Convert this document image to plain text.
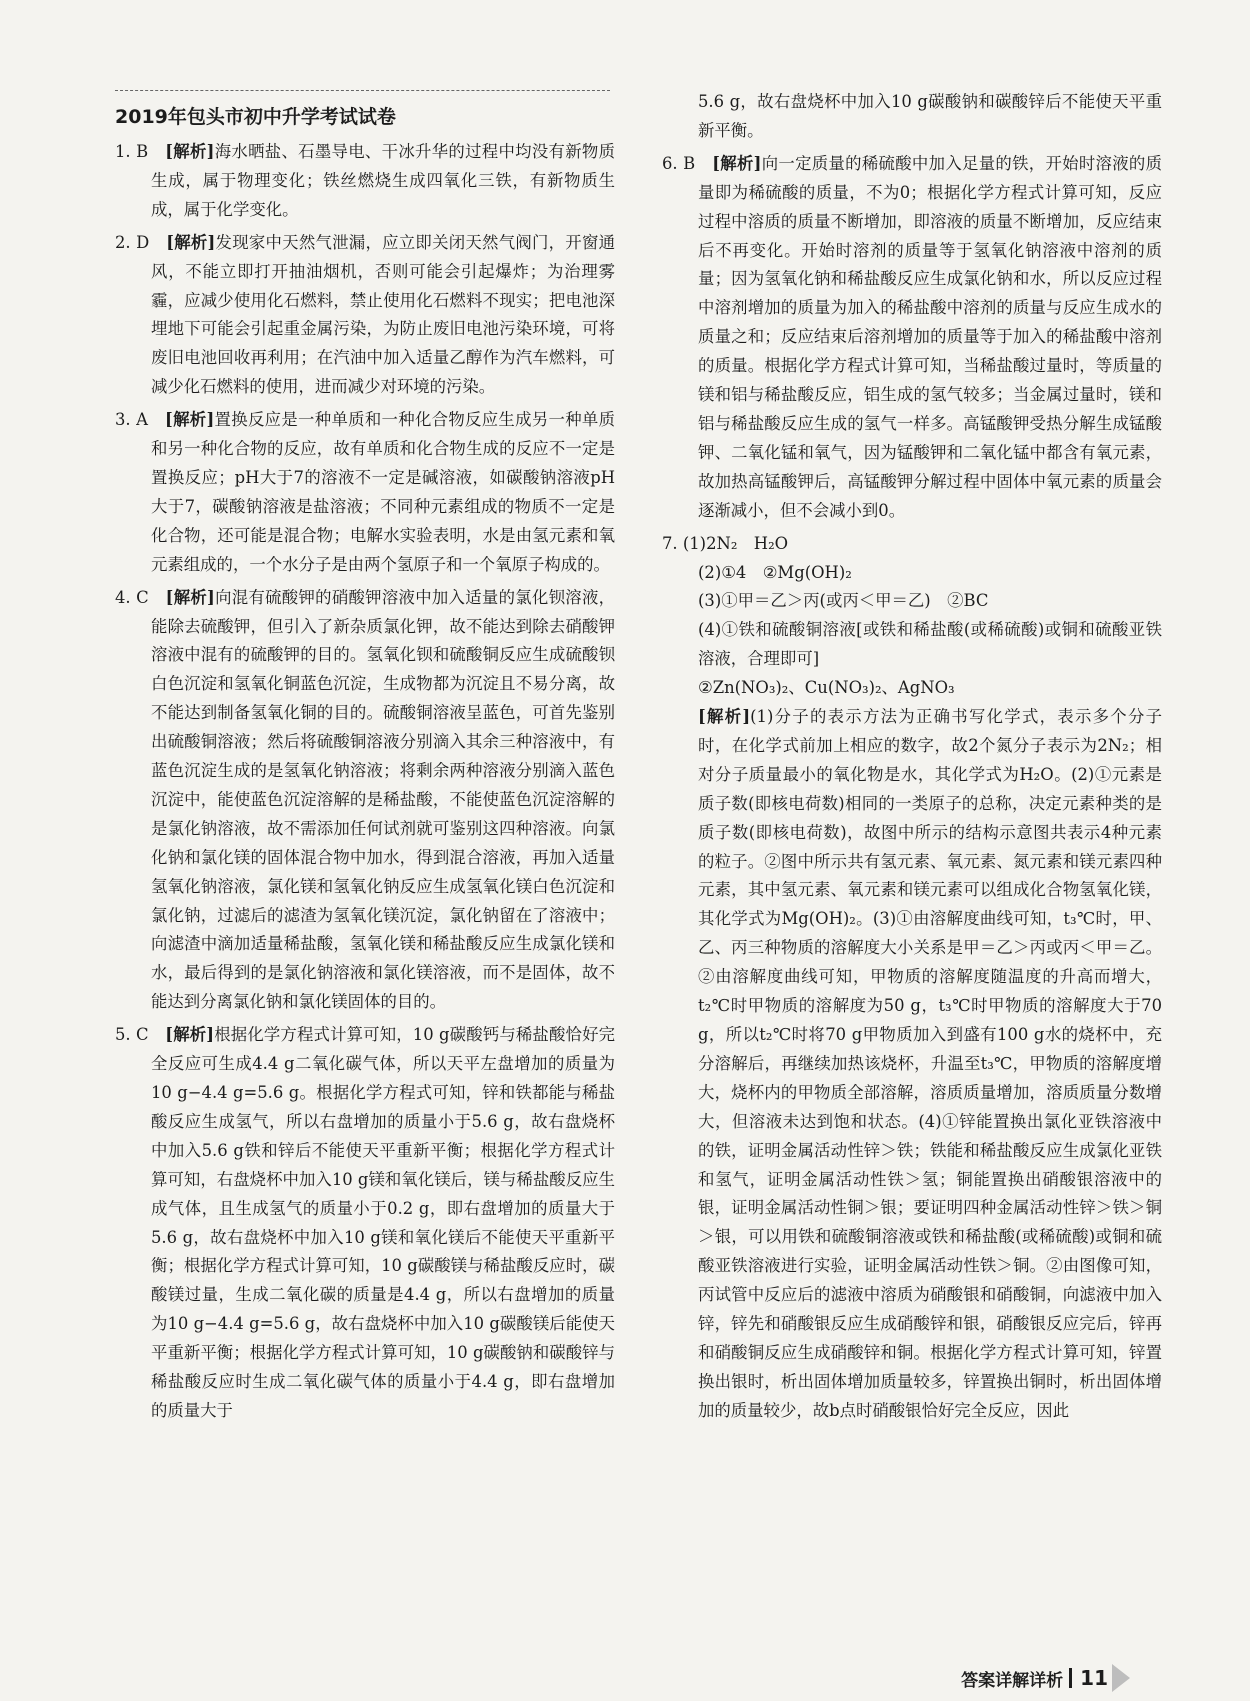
2019年包头市初中升学考试试卷

1. B　 [解析]海水晒盐、石墨导电、干冰升华的过程中均没有新物质生成，属于物理变化；铁丝燃烧生成四氧化三铁，有新物质生成，属于化学变化。

2. D　 [解析]发现家中天然气泄漏，应立即关闭天然气阀门，开窗通风，不能立即打开抽油烟机，否则可能会引起爆炸；为治理雾霾，应减少使用化石燃料，禁止使用化石燃料不现实；把电池深埋地下可能会引起重金属污染，为防止废旧电池污染环境，可将废旧电池回收再利用；在汽油中加入适量乙醇作为汽车燃料，可减少化石燃料的使用，进而减少对环境的污染。

3. A　 [解析]置换反应是一种单质和一种化合物反应生成另一种单质和另一种化合物的反应，故有单质和化合物生成的反应不一定是置换反应；pH大于7的溶液不一定是碱溶液，如碳酸钠溶液pH大于7，碳酸钠溶液是盐溶液；不同种元素组成的物质不一定是化合物，还可能是混合物；电解水实验表明，水是由氢元素和氧元素组成的，一个水分子是由两个氢原子和一个氧原子构成的。

4. C　 [解析]向混有硫酸钾的硝酸钾溶液中加入适量的氯化钡溶液，能除去硫酸钾，但引入了新杂质氯化钾，故不能达到除去硝酸钾溶液中混有的硫酸钾的目的。氢氧化钡和硫酸铜反应生成硫酸钡白色沉淀和氢氧化铜蓝色沉淀，生成物都为沉淀且不易分离，故不能达到制备氢氧化铜的目的。硫酸铜溶液呈蓝色，可首先鉴别出硫酸铜溶液；然后将硫酸铜溶液分别滴入其余三种溶液中，有蓝色沉淀生成的是氢氧化钠溶液；将剩余两种溶液分别滴入蓝色沉淀中，能使蓝色沉淀溶解的是稀盐酸，不能使蓝色沉淀溶解的是氯化钠溶液，故不需添加任何试剂就可鉴别这四种溶液。向氯化钠和氯化镁的固体混合物中加水，得到混合溶液，再加入适量氢氧化钠溶液，氯化镁和氢氧化钠反应生成氢氧化镁白色沉淀和氯化钠，过滤后的滤渣为氢氧化镁沉淀，氯化钠留在了溶液中；向滤渣中滴加适量稀盐酸，氢氧化镁和稀盐酸反应生成氯化镁和水，最后得到的是氯化钠溶液和氯化镁溶液，而不是固体，故不能达到分离氯化钠和氯化镁固体的目的。

5. C　 [解析]根据化学方程式计算可知，10 g碳酸钙与稀盐酸恰好完全反应可生成4.4 g二氧化碳气体，所以天平左盘增加的质量为10 g−4.4 g=5.6 g。根据化学方程式可知，锌和铁都能与稀盐酸反应生成氢气，所以右盘增加的质量小于5.6 g，故右盘烧杯中加入5.6 g铁和锌后不能使天平重新平衡；根据化学方程式计算可知，右盘烧杯中加入10 g镁和氧化镁后，镁与稀盐酸反应生成气体，且生成氢气的质量小于0.2 g，即右盘增加的质量大于5.6 g，故右盘烧杯中加入10 g镁和氧化镁后不能使天平重新平衡；根据化学方程式计算可知，10 g碳酸镁与稀盐酸反应时，碳酸镁过量，生成二氧化碳的质量是4.4 g，所以右盘增加的质量为10 g−4.4 g=5.6 g，故右盘烧杯中加入10 g碳酸镁后能使天平重新平衡；根据化学方程式计算可知，10 g碳酸钠和碳酸锌与稀盐酸反应时生成二氧化碳气体的质量小于4.4 g，即右盘增加的质量大于

5.6 g，故右盘烧杯中加入10 g碳酸钠和碳酸锌后不能使天平重新平衡。

6. B　 [解析]向一定质量的稀硫酸中加入足量的铁，开始时溶液的质量即为稀硫酸的质量，不为0；根据化学方程式计算可知，反应过程中溶质的质量不断增加，即溶液的质量不断增加，反应结束后不再变化。开始时溶剂的质量等于氢氧化钠溶液中溶剂的质量；因为氢氧化钠和稀盐酸反应生成氯化钠和水，所以反应过程中溶剂增加的质量为加入的稀盐酸中溶剂的质量与反应生成水的质量之和；反应结束后溶剂增加的质量等于加入的稀盐酸中溶剂的质量。根据化学方程式计算可知，当稀盐酸过量时，等质量的镁和铝与稀盐酸反应，铝生成的氢气较多；当金属过量时，镁和铝与稀盐酸反应生成的氢气一样多。高锰酸钾受热分解生成锰酸钾、二氧化锰和氧气，因为锰酸钾和二氧化锰中都含有氧元素，故加热高锰酸钾后，高锰酸钾分解过程中固体中氧元素的质量会逐渐减小，但不会减小到0。

7. (1)2N₂　H₂O

(2)①4　②Mg(OH)₂

(3)①甲＝乙＞丙(或丙＜甲＝乙)　②BC

(4)①铁和硫酸铜溶液[或铁和稀盐酸(或稀硫酸)或铜和硫酸亚铁溶液，合理即可]

②Zn(NO₃)₂、Cu(NO₃)₂、AgNO₃

[解析](1)分子的表示方法为正确书写化学式，表示多个分子时，在化学式前加上相应的数字，故2个氮分子表示为2N₂；相对分子质量最小的氧化物是水，其化学式为H₂O。(2)①元素是质子数(即核电荷数)相同的一类原子的总称，决定元素种类的是质子数(即核电荷数)，故图中所示的结构示意图共表示4种元素的粒子。②图中所示共有氢元素、氧元素、氮元素和镁元素四种元素，其中氢元素、氧元素和镁元素可以组成化合物氢氧化镁，其化学式为Mg(OH)₂。(3)①由溶解度曲线可知，t₃℃时，甲、乙、丙三种物质的溶解度大小关系是甲＝乙＞丙或丙＜甲＝乙。②由溶解度曲线可知，甲物质的溶解度随温度的升高而增大，t₂℃时甲物质的溶解度为50 g，t₃℃时甲物质的溶解度大于70 g，所以t₂℃时将70 g甲物质加入到盛有100 g水的烧杯中，充分溶解后，再继续加热该烧杯，升温至t₃℃，甲物质的溶解度增大，烧杯内的甲物质全部溶解，溶质质量增加，溶质质量分数增大，但溶液未达到饱和状态。(4)①锌能置换出氯化亚铁溶液中的铁，证明金属活动性锌＞铁；铁能和稀盐酸反应生成氯化亚铁和氢气，证明金属活动性铁＞氢；铜能置换出硝酸银溶液中的银，证明金属活动性铜＞银；要证明四种金属活动性锌＞铁＞铜＞银，可以用铁和硫酸铜溶液或铁和稀盐酸(或稀硫酸)或铜和硫酸亚铁溶液进行实验，证明金属活动性铁＞铜。②由图像可知，丙试管中反应后的滤液中溶质为硝酸银和硝酸铜，向滤液中加入锌，锌先和硝酸银反应生成硝酸锌和银，硝酸银反应完后，锌再和硝酸铜反应生成硝酸锌和铜。根据化学方程式计算可知，锌置换出银时，析出固体增加质量较多，锌置换出铜时，析出固体增加的质量较少，故b点时硝酸银恰好完全反应，因此

答案详解详析 11
